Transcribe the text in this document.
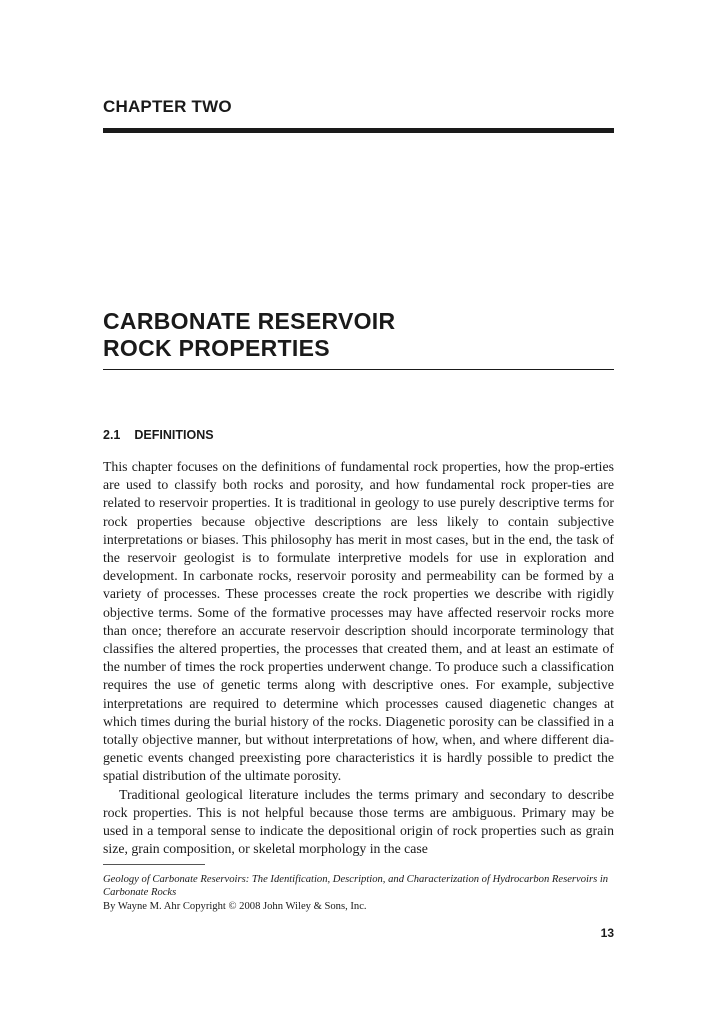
CHAPTER TWO
CARBONATE RESERVOIR
ROCK PROPERTIES
2.1 DEFINITIONS

This chapter focuses on the definitions of fundamental rock properties, how the prop-erties are used to classify both rocks and porosity, and how fundamental rock proper-ties are related to reservoir properties. It is traditional in geology to use purely descriptive terms for rock properties because objective descriptions are less likely to contain subjective interpretations or biases. This philosophy has merit in most cases, but in the end, the task of the reservoir geologist is to formulate interpretive models for use in exploration and development. In carbonate rocks, reservoir porosity and permeability can be formed by a variety of processes. These processes create the rock properties we describe with rigidly objective terms. Some of the formative processes may have affected reservoir rocks more than once; therefore an accurate reservoir description should incorporate terminology that classifies the altered properties, the processes that created them, and at least an estimate of the number of times the rock properties underwent change. To produce such a classification requires the use of genetic terms along with descriptive ones. For example, subjective interpretations are required to determine which processes caused diagenetic changes at which times during the burial history of the rocks. Diagenetic porosity can be classified in a totally objective manner, but without interpretations of how, when, and where different dia-genetic events changed preexisting pore characteristics it is hardly possible to predict the spatial distribution of the ultimate porosity.

Traditional geological literature includes the terms primary and secondary to describe rock properties. This is not helpful because those terms are ambiguous. Primary may be used in a temporal sense to indicate the depositional origin of rock properties such as grain size, grain composition, or skeletal morphology in the case

Geology of Carbonate Reservoirs: The Identification, Description, and Characterization of Hydrocarbon Reservoirs in Carbonate Rocks
By Wayne M. Ahr Copyright © 2008 John Wiley & Sons, Inc.
13
